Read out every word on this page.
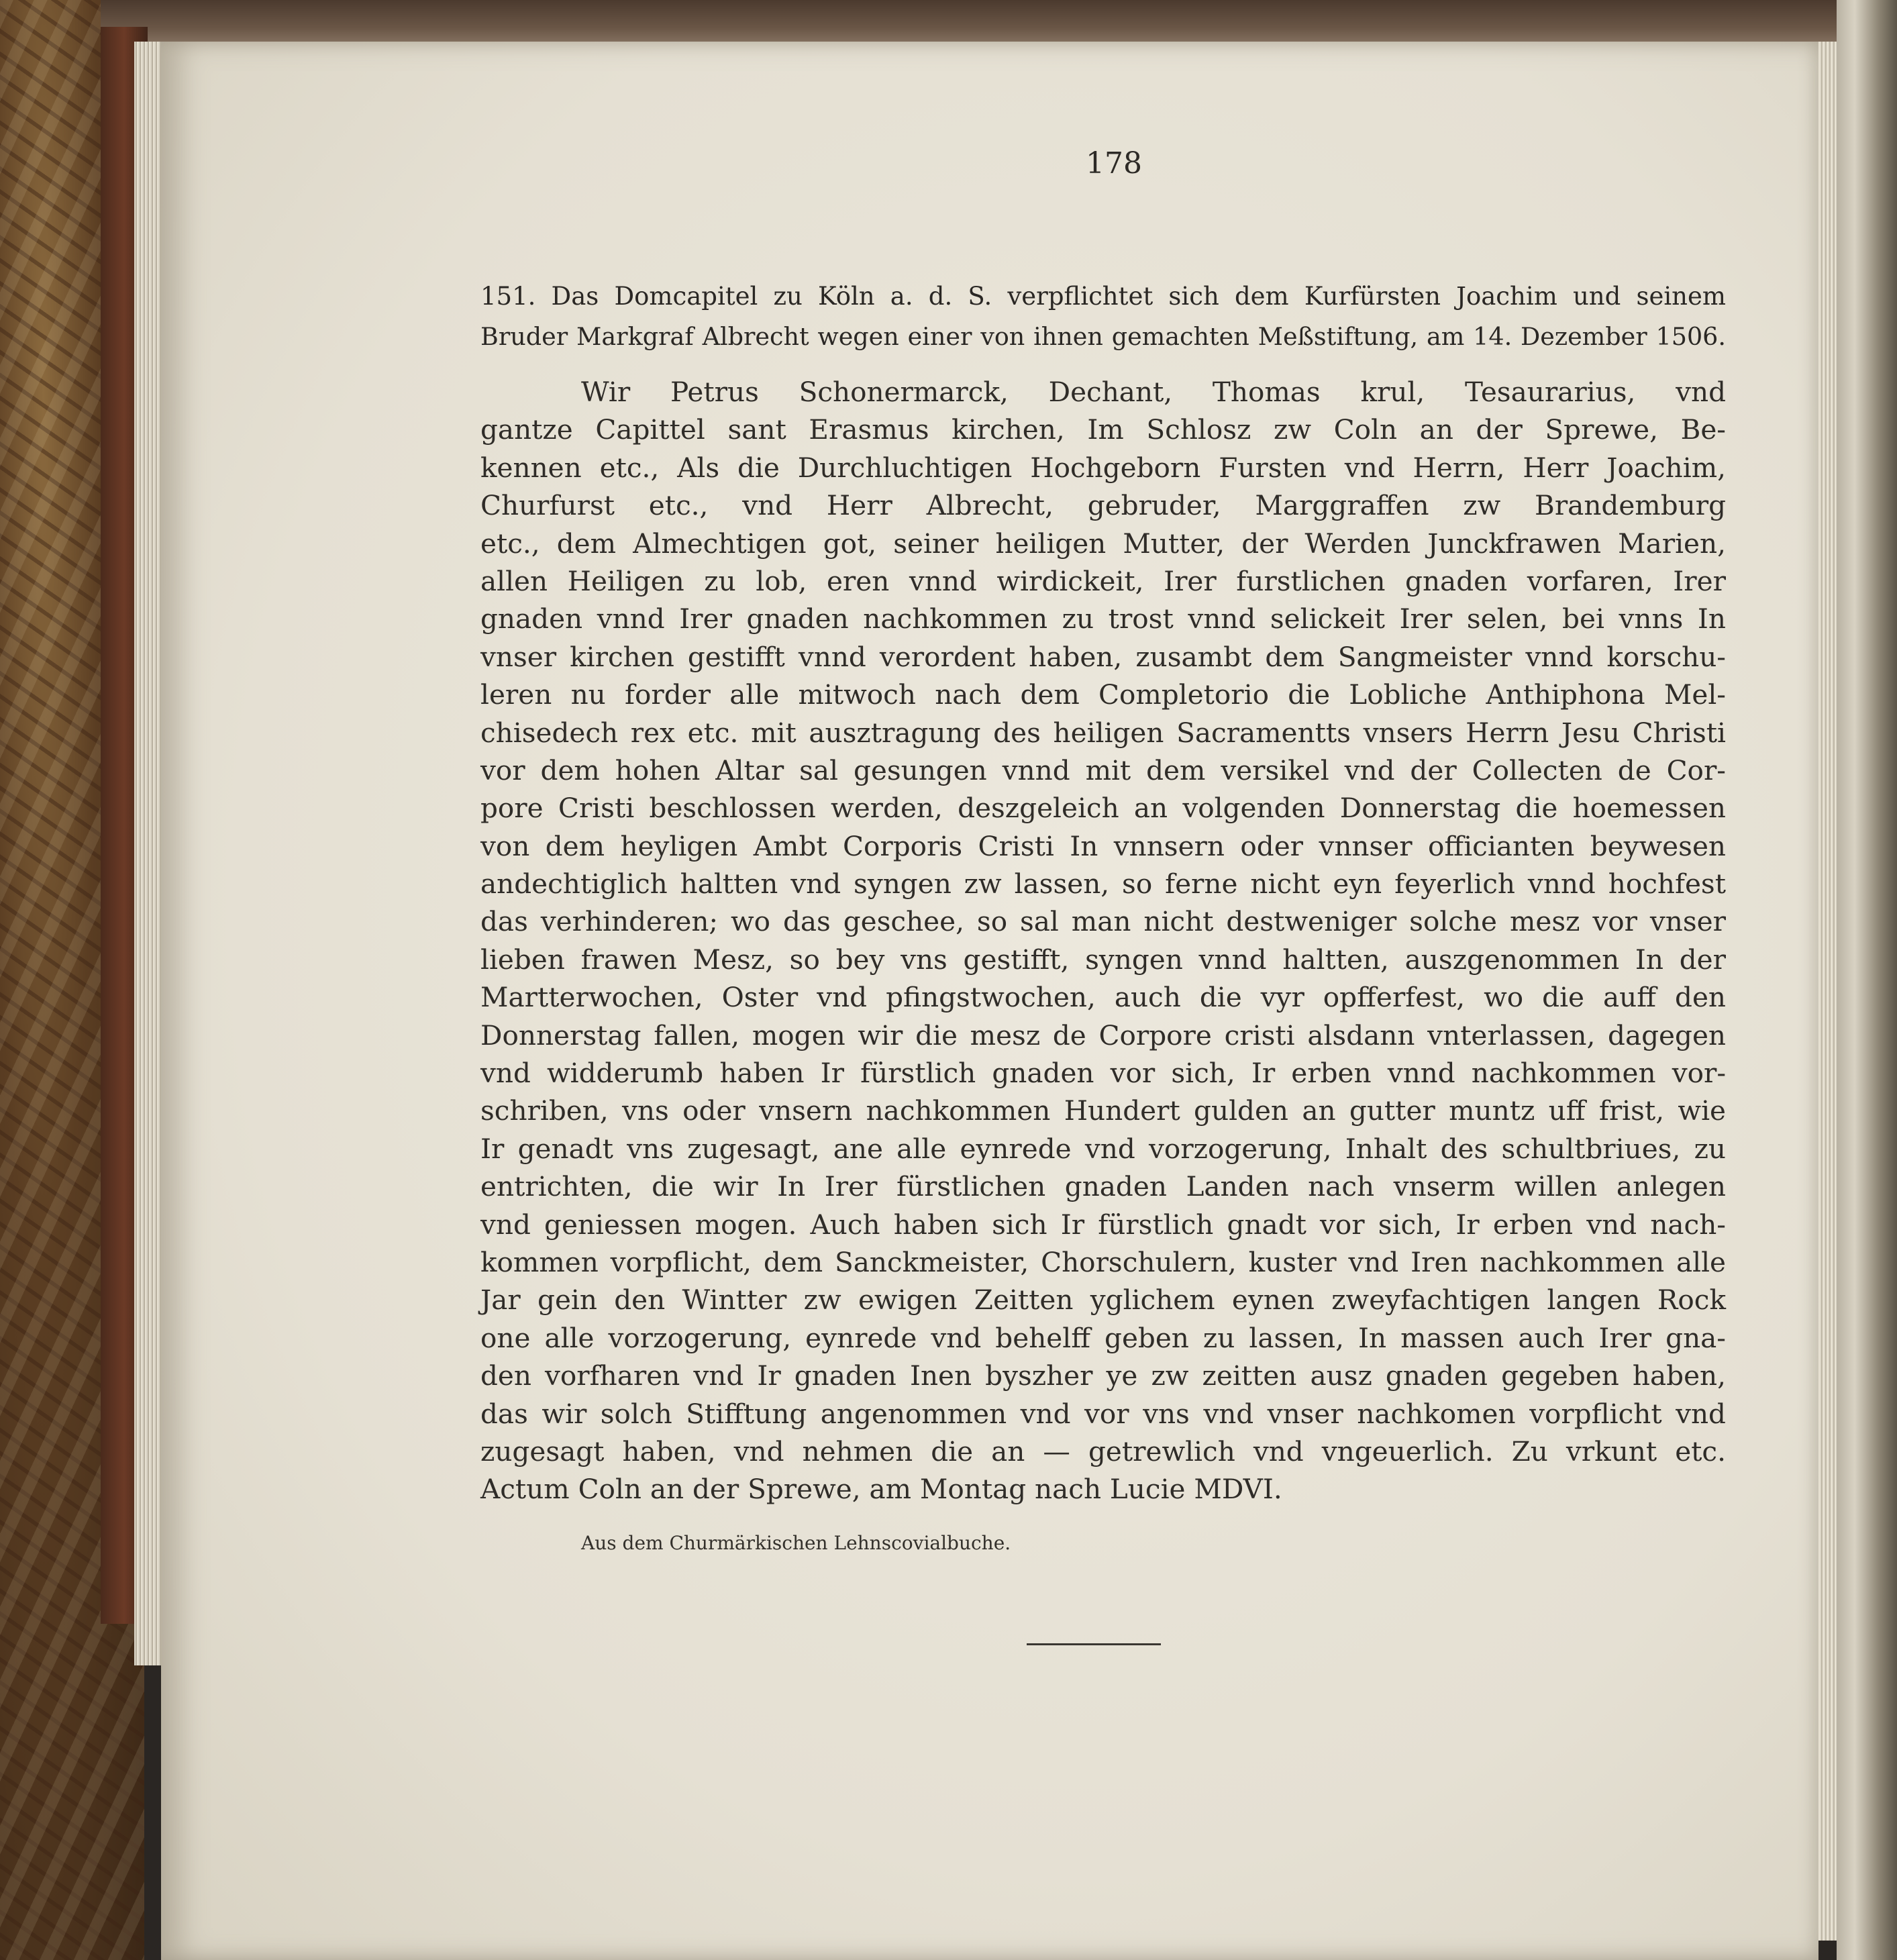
178
151. Das Domcapitel zu Köln a. d. S. verpflichtet sich dem Kurfürsten Joachim und seinem
Bruder Markgraf Albrecht wegen einer von ihnen gemachten Meßstiftung, am 14. Dezember 1506.
Wir Petrus Schonermarck, Dechant, Thomas krul, Tesaurarius, vnd
gantze Capittel sant Erasmus kirchen, Im Schlosz zw Coln an der Sprewe, Be-
kennen etc., Als die Durchluchtigen Hochgeborn Fursten vnd Herrn, Herr Joachim,
Churfurst etc., vnd Herr Albrecht, gebruder, Marggraffen zw Brandemburg
etc., dem Almechtigen got, seiner heiligen Mutter, der Werden Junckfrawen Marien,
allen Heiligen zu lob, eren vnnd wirdickeit, Irer furstlichen gnaden vorfaren, Irer
gnaden vnnd Irer gnaden nachkommen zu trost vnnd selickeit Irer selen, bei vnns In
vnser kirchen gestifft vnnd verordent haben, zusambt dem Sangmeister vnnd korschu-
leren nu forder alle mitwoch nach dem Completorio die Lobliche Anthiphona Mel-
chisedech rex etc. mit ausztragung des heiligen Sacramentts vnsers Herrn Jesu Christi
vor dem hohen Altar sal gesungen vnnd mit dem versikel vnd der Collecten de Cor-
pore Cristi beschlossen werden, deszgeleich an volgenden Donnerstag die hoemessen
von dem heyligen Ambt Corporis Cristi In vnnsern oder vnnser officianten beywesen
andechtiglich haltten vnd syngen zw lassen, so ferne nicht eyn feyerlich vnnd hochfest
das verhinderen; wo das geschee, so sal man nicht destweniger solche mesz vor vnser
lieben frawen Mesz, so bey vns gestifft, syngen vnnd haltten, auszgenommen In der
Martterwochen, Oster vnd pfingstwochen, auch die vyr opfferfest, wo die auff den
Donnerstag fallen, mogen wir die mesz de Corpore cristi alsdann vnterlassen, dagegen
vnd widderumb haben Ir fürstlich gnaden vor sich, Ir erben vnnd nachkommen vor-
schriben, vns oder vnsern nachkommen Hundert gulden an gutter muntz uff frist, wie
Ir genadt vns zugesagt, ane alle eynrede vnd vorzogerung, Inhalt des schultbriues, zu
entrichten, die wir In Irer fürstlichen gnaden Landen nach vnserm willen anlegen
vnd geniessen mogen. Auch haben sich Ir fürstlich gnadt vor sich, Ir erben vnd nach-
kommen vorpflicht, dem Sanckmeister, Chorschulern, kuster vnd Iren nachkommen alle
Jar gein den Wintter zw ewigen Zeitten yglichem eynen zweyfachtigen langen Rock
one alle vorzogerung, eynrede vnd behelff geben zu lassen, In massen auch Irer gna-
den vorfharen vnd Ir gnaden Inen byszher ye zw zeitten ausz gnaden gegeben haben,
das wir solch Stifftung angenommen vnd vor vns vnd vnser nachkomen vorpflicht vnd
zugesagt haben, vnd nehmen die an — getrewlich vnd vngeuerlich. Zu vrkunt etc.
Actum Coln an der Sprewe, am Montag nach Lucie MDVI.
Aus dem Churmärkischen Lehnscovialbuche.
